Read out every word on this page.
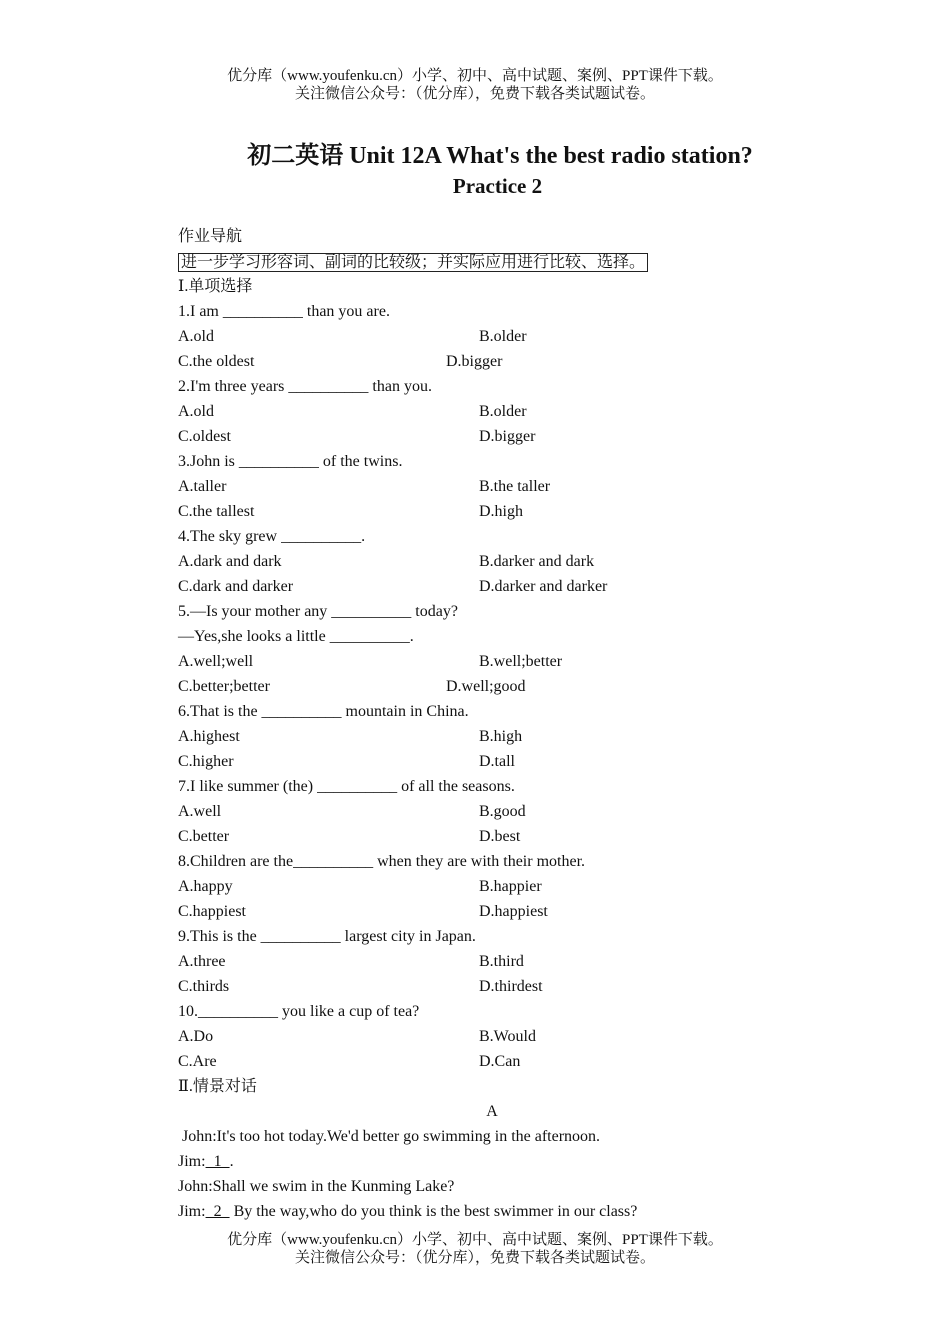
优分库（www.youfenku.cn）小学、初中、高中试题、案例、PPT课件下载。
关注微信公众号：（优分库），免费下载各类试题试卷。
初二英语 Unit 12A What's the best radio station?
Practice 2
作业导航
进一步学习形容词、副词的比较级；并实际应用进行比较、选择。
Ⅰ.单项选择
1.I am __________ than you are.
A.old	B.older
C.the oldest	D.bigger
2.I'm three years __________ than you.
A.old	B.older
C.oldest	D.bigger
3.John is __________ of the twins.
A.taller	B.the taller
C.the tallest	D.high
4.The sky grew __________.
A.dark and dark	B.darker and dark
C.dark and darker	D.darker and darker
5.—Is your mother any __________ today?
—Yes,she looks a little __________.
A.well;well	B.well;better
C.better;better	D.well;good
6.That is the __________ mountain in China.
A.highest	B.high
C.higher	D.tall
7.I like summer (the) __________ of all the seasons.
A.well	B.good
C.better	D.best
8.Children are the__________ when they are with their mother.
A.happy	B.happier
C.happiest	D.happiest
9.This is the __________ largest city in Japan.
A.three	B.third
C.thirds	D.thirdest
10.__________ you like a cup of tea?
A.Do	B.Would
C.Are	D.Can
Ⅱ.情景对话
A
John:It's too hot today.We'd better go swimming in the afternoon.
Jim:  1  .
John:Shall we swim in the Kunming Lake?
Jim:  2   By the way,who do you think is the best swimmer in our class?
优分库（www.youfenku.cn）小学、初中、高中试题、案例、PPT课件下载。
关注微信公众号：（优分库），免费下载各类试题试卷。
